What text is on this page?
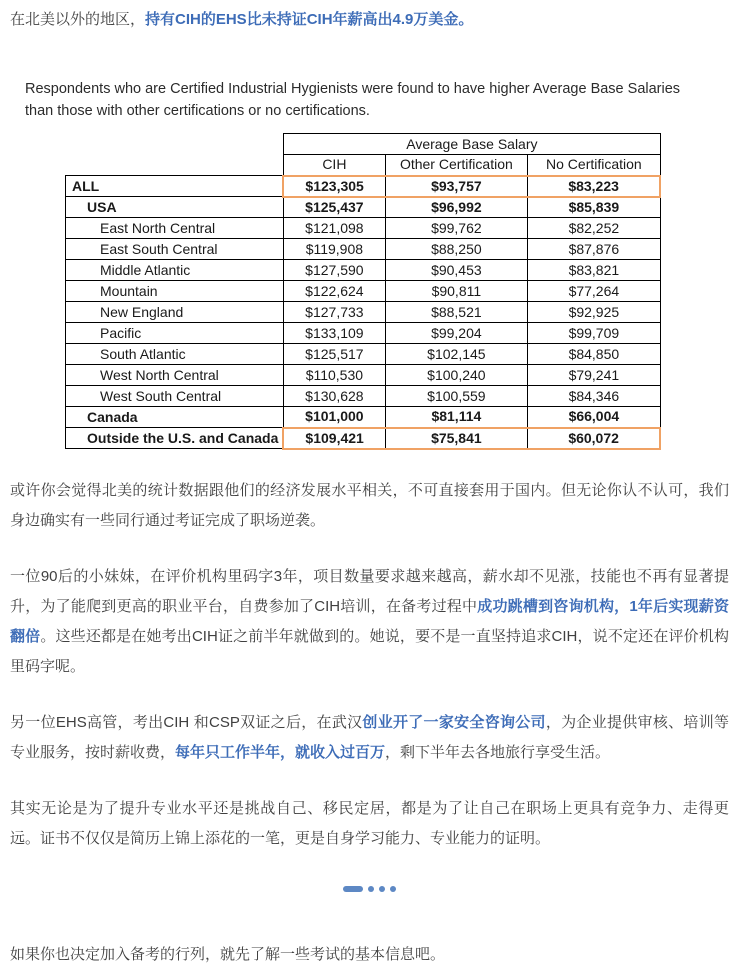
在北美以外的地区，持有CIH的EHS比未持证CIH年薪高出4.9万美金。

Respondents who are Certified Industrial Hygienists were found to have higher Average Base Salaries than those with other certifications or no certifications.

	Average Base Salary		
	CIH	Other Certification	No Certification
ALL	$123,305	$93,757	$83,223
USA	$125,437	$96,992	$85,839
East North Central	$121,098	$99,762	$82,252
East South Central	$119,908	$88,250	$87,876
Middle Atlantic	$127,590	$90,453	$83,821
Mountain	$122,624	$90,811	$77,264
New England	$127,733	$88,521	$92,925
Pacific	$133,109	$99,204	$99,709
South Atlantic	$125,517	$102,145	$84,850
West North Central	$110,530	$100,240	$79,241
West South Central	$130,628	$100,559	$84,346
Canada	$101,000	$81,114	$66,004
Outside the U.S. and Canada	$109,421	$75,841	$60,072

或许你会觉得北美的统计数据跟他们的经济发展水平相关，不可直接套用于国内。但无论你认不认可，我们身边确实有一些同行通过考证完成了职场逆袭。

一位90后的小妹妹，在评价机构里码字3年，项目数量要求越来越高，薪水却不见涨，技能也不再有显著提升，为了能爬到更高的职业平台，自费参加了CIH培训，在备考过程中成功跳槽到咨询机构，1年后实现薪资翻倍。这些还都是在她考出CIH证之前半年就做到的。她说，要不是一直坚持追求CIH，说不定还在评价机构里码字呢。

另一位EHS高管，考出CIH 和CSP双证之后，在武汉创业开了一家安全咨询公司，为企业提供审核、培训等专业服务，按时薪收费，每年只工作半年，就收入过百万，剩下半年去各地旅行享受生活。

其实无论是为了提升专业水平还是挑战自己、移民定居，都是为了让自己在职场上更具有竞争力、走得更远。证书不仅仅是简历上锦上添花的一笔，更是自身学习能力、专业能力的证明。

如果你也决定加入备考的行列，就先了解一些考试的基本信息吧。
